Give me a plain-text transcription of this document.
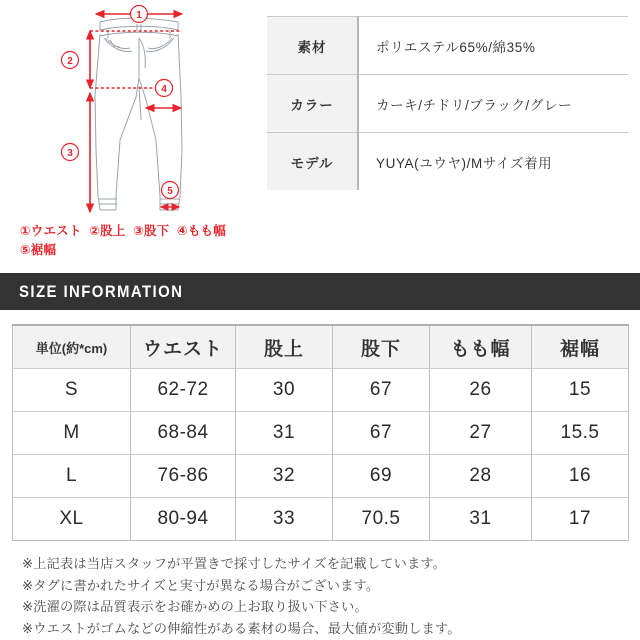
1
2
3
4
5
①ウエスト ②股上 ③股下 ④もも幅
⑤裾幅
素材	ポリエステル65%/綿35%
カラー	カーキ/チドリ/ブラック/グレー
モデル	YUYA(ユウヤ)/Mサイズ着用
SIZE INFORMATION
単位(約*cm)	ウエスト	股上	股下	もも幅	裾幅
S	62-72	30	67	26	15
M	68-84	31	67	27	15.5
L	76-86	32	69	28	16
XL	80-94	33	70.5	31	17
※上記表は当店スタッフが平置きで採寸したサイズを記載しています。
※タグに書かれたサイズと実寸が異なる場合がございます。
※洗濯の際は品質表示をお確かめの上お取り扱い下さい。
※ウエストがゴムなどの伸縮性がある素材の場合、最大値が変動します。
